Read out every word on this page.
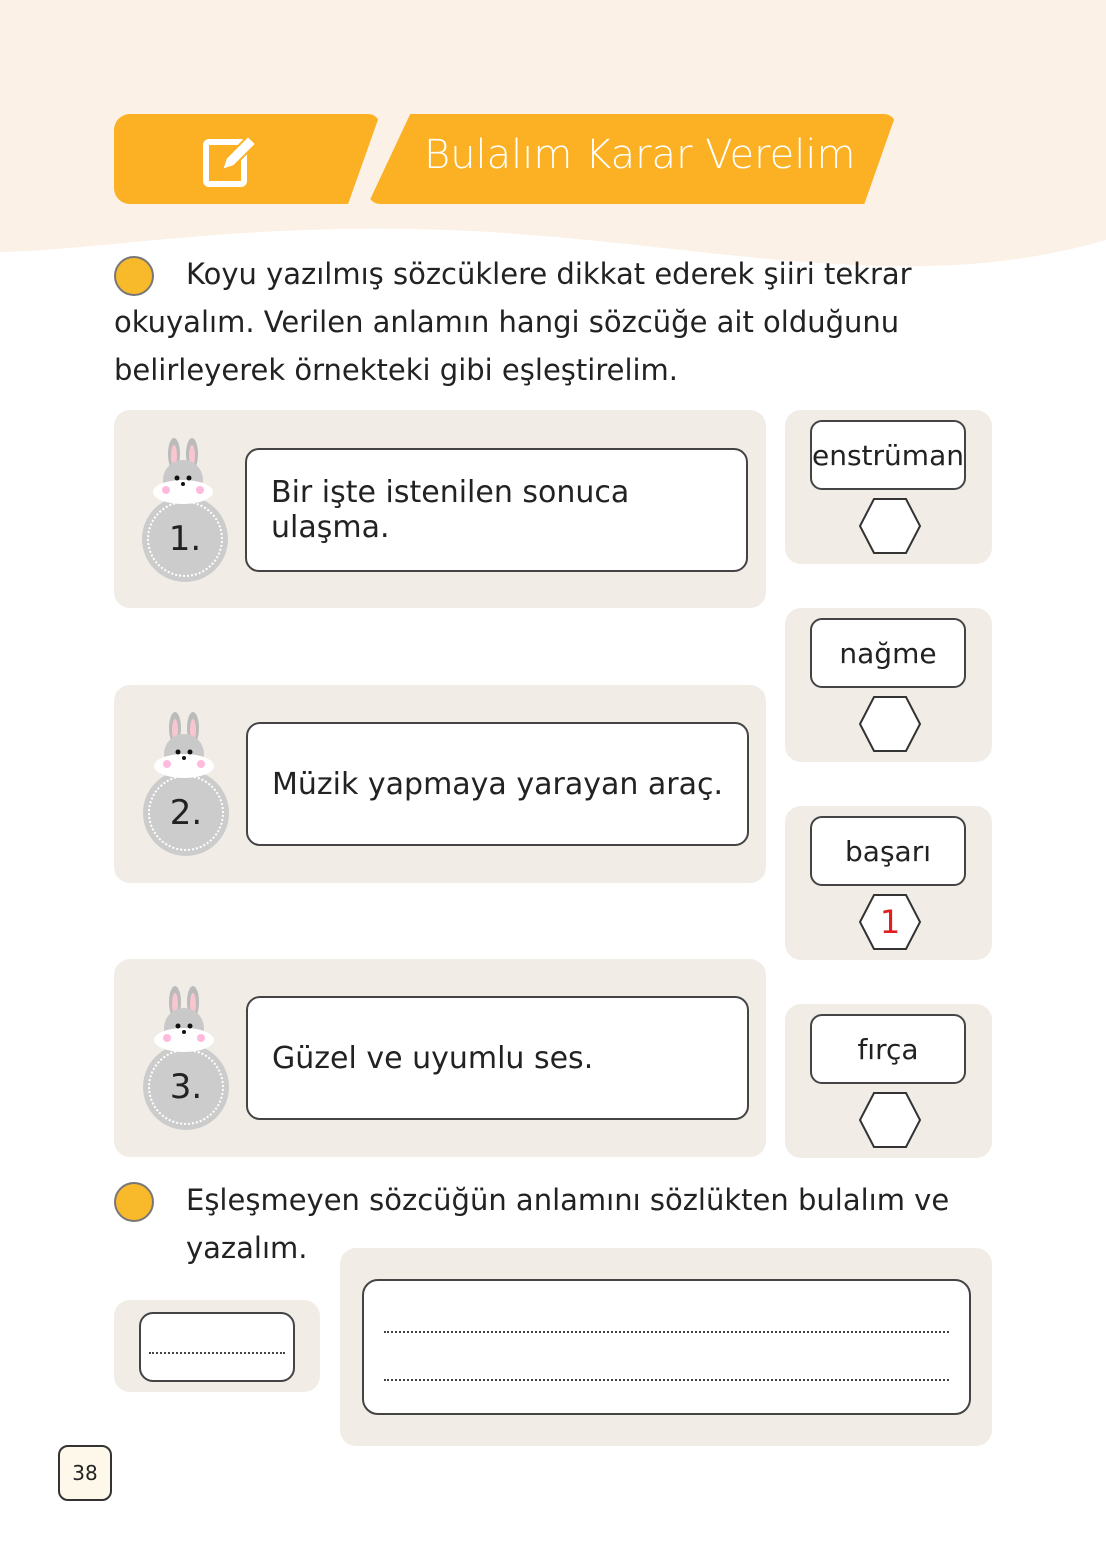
Bulalım Karar Verelim
Koyu yazılmış sözcüklere dikkat ederek şiiri tekrar okuyalım. Verilen anlamın hangi sözcüğe ait olduğunu belirleyerek örnekteki gibi eşleştirelim.
1.
Bir işte istenilen sonuca ulaşma.
2.
Müzik yapmaya yarayan araç.
3.
Güzel ve uyumlu ses.
enstrüman
nağme
başarı
1
fırça
Eşleşmeyen sözcüğün anlamını sözlükten bulalım ve yazalım.
38
